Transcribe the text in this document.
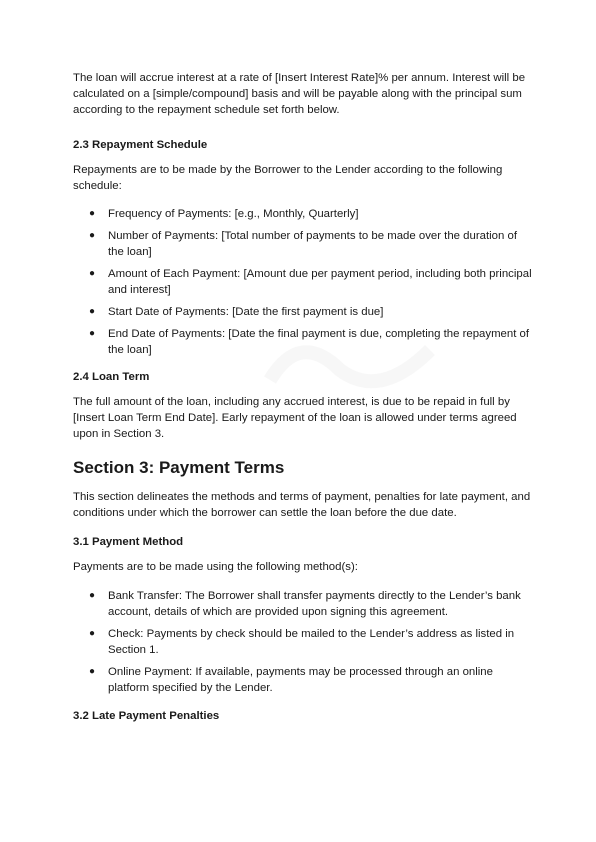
The loan will accrue interest at a rate of [Insert Interest Rate]% per annum. Interest will be calculated on a [simple/compound] basis and will be payable along with the principal sum according to the repayment schedule set forth below.

2.3 Repayment Schedule

Repayments are to be made by the Borrower to the Lender according to the following schedule:

● Frequency of Payments: [e.g., Monthly, Quarterly]
● Number of Payments: [Total number of payments to be made over the duration of the loan]
● Amount of Each Payment: [Amount due per payment period, including both principal and interest]
● Start Date of Payments: [Date the first payment is due]
● End Date of Payments: [Date the final payment is due, completing the repayment of the loan]
2.4 Loan Term

The full amount of the loan, including any accrued interest, is due to be repaid in full by [Insert Loan Term End Date]. Early repayment of the loan is allowed under terms agreed upon in Section 3.

Section 3: Payment Terms

This section delineates the methods and terms of payment, penalties for late payment, and conditions under which the borrower can settle the loan before the due date.

3.1 Payment Method

Payments are to be made using the following method(s):

● Bank Transfer: The Borrower shall transfer payments directly to the Lender’s bank account, details of which are provided upon signing this agreement.
● Check: Payments by check should be mailed to the Lender’s address as listed in Section 1.
● Online Payment: If available, payments may be processed through an online platform specified by the Lender.
3.2 Late Payment Penalties
